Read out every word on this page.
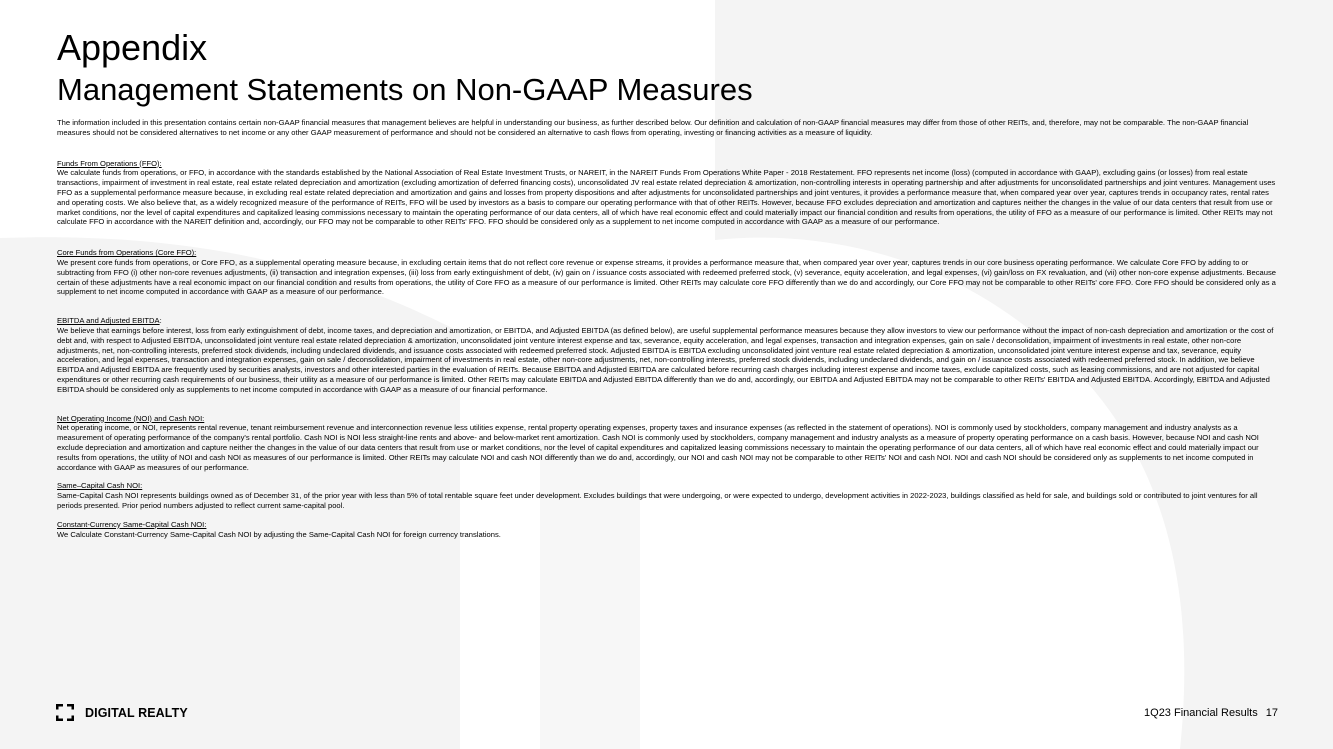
Appendix
Management Statements on Non-GAAP Measures

The information included in this presentation contains certain non-GAAP financial measures that management believes are helpful in understanding our business, as further described below. Our definition and calculation of non-GAAP financial measures may differ from those of other REITs, and, therefore, may not be comparable. The non-GAAP financial measures should not be considered alternatives to net income or any other GAAP measurement of performance and should not be considered an alternative to cash flows from operating, investing or financing activities as a measure of liquidity.

Funds From Operations (FFO):
We calculate funds from operations, or FFO, in accordance with the standards established by the National Association of Real Estate Investment Trusts, or NAREIT, in the NAREIT Funds From Operations White Paper - 2018 Restatement. FFO represents net income (loss) (computed in accordance with GAAP), excluding gains (or losses) from real estate transactions, impairment of investment in real estate, real estate related depreciation and amortization (excluding amortization of deferred financing costs), unconsolidated JV real estate related depreciation & amortization, non-controlling interests in operating partnership and after adjustments for unconsolidated partnerships and joint ventures. Management uses FFO as a supplemental performance measure because, in excluding real estate related depreciation and amortization and gains and losses from property dispositions and after adjustments for unconsolidated partnerships and joint ventures, it provides a performance measure that, when compared year over year, captures trends in occupancy rates, rental rates and operating costs. We also believe that, as a widely recognized measure of the performance of REITs, FFO will be used by investors as a basis to compare our operating performance with that of other REITs. However, because FFO excludes depreciation and amortization and captures neither the changes in the value of our data centers that result from use or market conditions, nor the level of capital expenditures and capitalized leasing commissions necessary to maintain the operating performance of our data centers, all of which have real economic effect and could materially impact our financial condition and results from operations, the utility of FFO as a measure of our performance is limited. Other REITs may not calculate FFO in accordance with the NAREIT definition and, accordingly, our FFO may not be comparable to other REITs' FFO. FFO should be considered only as a supplement to net income computed in accordance with GAAP as a measure of our performance.
Core Funds from Operations (Core FFO):
We present core funds from operations, or Core FFO, as a supplemental operating measure because, in excluding certain items that do not reflect core revenue or expense streams, it provides a performance measure that, when compared year over year, captures trends in our core business operating performance. We calculate Core FFO by adding to or subtracting from FFO (i) other non-core revenues adjustments, (ii) transaction and integration expenses, (iii) loss from early extinguishment of debt, (iv) gain on / issuance costs associated with redeemed preferred stock, (v) severance, equity acceleration, and legal expenses, (vi) gain/loss on FX revaluation, and (vii) other non-core expense adjustments. Because certain of these adjustments have a real economic impact on our financial condition and results from operations, the utility of Core FFO as a measure of our performance is limited. Other REITs may calculate core FFO differently than we do and accordingly, our Core FFO may not be comparable to other REITs' core FFO. Core FFO should be considered only as a supplement to net income computed in accordance with GAAP as a measure of our performance.
EBITDA and Adjusted EBITDA:
We believe that earnings before interest, loss from early extinguishment of debt, income taxes, and depreciation and amortization, or EBITDA, and Adjusted EBITDA (as defined below), are useful supplemental performance measures because they allow investors to view our performance without the impact of non-cash depreciation and amortization or the cost of debt and, with respect to Adjusted EBITDA, unconsolidated joint venture real estate related depreciation & amortization, unconsolidated joint venture interest expense and tax, severance, equity acceleration, and legal expenses, transaction and integration expenses, gain on sale / deconsolidation, impairment of investments in real estate, other non-core adjustments, net, non-controlling interests, preferred stock dividends, including undeclared dividends, and issuance costs associated with redeemed preferred stock. Adjusted EBITDA is EBITDA excluding unconsolidated joint venture real estate related depreciation & amortization, unconsolidated joint venture interest expense and tax, severance, equity acceleration, and legal expenses, transaction and integration expenses, gain on sale / deconsolidation, impairment of investments in real estate, other non-core adjustments, net, non-controlling interests, preferred stock dividends, including undeclared dividends, and gain on / issuance costs associated with redeemed preferred stock. In addition, we believe EBITDA and Adjusted EBITDA are frequently used by securities analysts, investors and other interested parties in the evaluation of REITs. Because EBITDA and Adjusted EBITDA are calculated before recurring cash charges including interest expense and income taxes, exclude capitalized costs, such as leasing commissions, and are not adjusted for capital expenditures or other recurring cash requirements of our business, their utility as a measure of our performance is limited. Other REITs may calculate EBITDA and Adjusted EBITDA differently than we do and, accordingly, our EBITDA and Adjusted EBITDA may not be comparable to other REITs' EBITDA and Adjusted EBITDA. Accordingly, EBITDA and Adjusted EBITDA should be considered only as supplements to net income computed in accordance with GAAP as a measure of our financial performance.
Net Operating Income (NOI) and Cash NOI:
Net operating income, or NOI, represents rental revenue, tenant reimbursement revenue and interconnection revenue less utilities expense, rental property operating expenses, property taxes and insurance expenses (as reflected in the statement of operations). NOI is commonly used by stockholders, company management and industry analysts as a measurement of operating performance of the company's rental portfolio. Cash NOI is NOI less straight-line rents and above- and below-market rent amortization. Cash NOI is commonly used by stockholders, company management and industry analysts as a measure of property operating performance on a cash basis. However, because NOI and cash NOI exclude depreciation and amortization and capture neither the changes in the value of our data centers that result from use or market conditions, nor the level of capital expenditures and capitalized leasing commissions necessary to maintain the operating performance of our data centers, all of which have real economic effect and could materially impact our results from operations, the utility of NOI and cash NOI as measures of our performance is limited. Other REITs may calculate NOI and cash NOI differently than we do and, accordingly, our NOI and cash NOI may not be comparable to other REITs' NOI and cash NOI. NOI and cash NOI should be considered only as supplements to net income computed in accordance with GAAP as measures of our performance.
Same–Capital Cash NOI:
Same-Capital Cash NOI represents buildings owned as of December 31, of the prior year with less than 5% of total rentable square feet under development. Excludes buildings that were undergoing, or were expected to undergo, development activities in 2022-2023, buildings classified as held for sale, and buildings sold or contributed to joint ventures for all periods presented. Prior period numbers adjusted to reflect current same-capital pool.
Constant-Currency Same-Capital Cash NOI:
We Calculate Constant-Currency Same-Capital Cash NOI by adjusting the Same-Capital Cash NOI for foreign currency translations.
DIGITAL REALTY	1Q23 Financial Results 17
